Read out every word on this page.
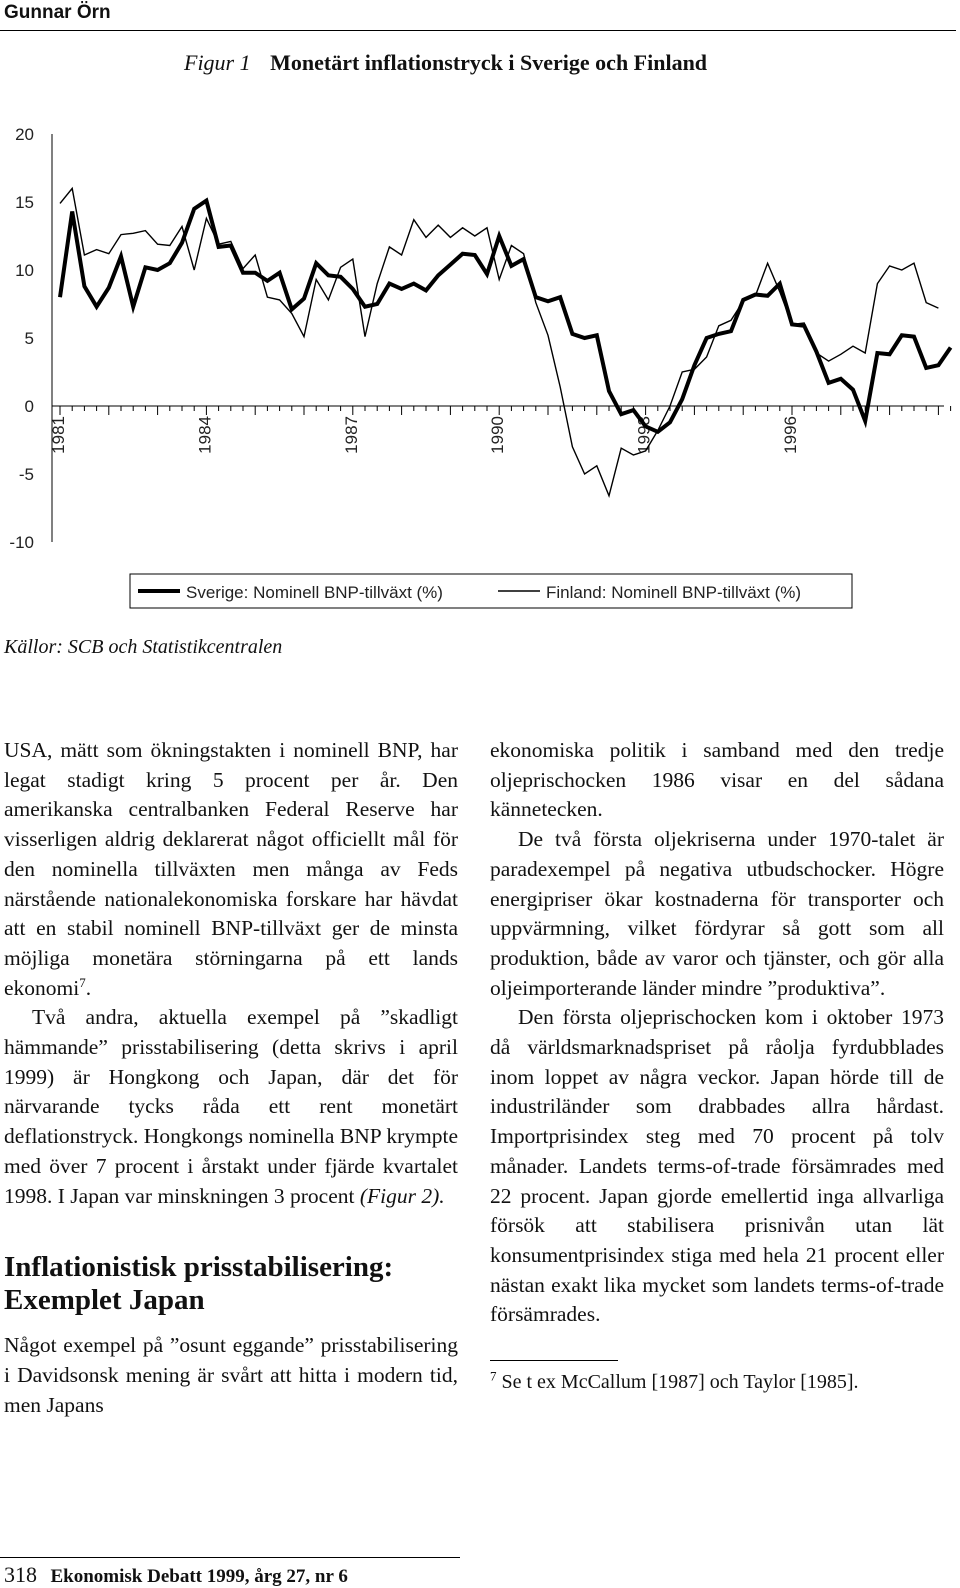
Gunnar Örn
Figur 1 Monetärt inflationstryck i Sverige och Finland
20
15
10
5
0
-5
-10
1981	1984	1987	1990	1993	1996
Sverige: Nominell BNP-tillväxt (%)	Finland: Nominell BNP-tillväxt (%)
Källor: SCB och Statistikcentralen

USA, mätt som ökningstakten i nominell BNP, har legat stadigt kring 5 procent per år. Den amerikanska centralbanken Federal Reserve har visserligen aldrig deklarerat något officiellt mål för den nominella tillväxten men många av Feds närstående nationalekonomiska forskare har hävdat att en stabil nominell BNP-tillväxt ger de minsta möjliga monetära störningarna på ett lands ekonomi$^7$.

Två andra, aktuella exempel på ”skadligt hämmande” prisstabilisering (detta skrivs i april 1999) är Hongkong och Japan, där det för närvarande tycks råda ett rent monetärt deflationstryck. Hongkongs nominella BNP krympte med över 7 procent i årstakt under fjärde kvartalet 1998. I Japan var minskningen 3 procent (Figur 2).

Inflationistisk prisstabilisering: Exemplet Japan

Något exempel på ”osunt eggande” prisstabilisering i Davidsonsk mening är svårt att hitta i modern tid, men Japans

ekonomiska politik i samband med den tredje oljeprischocken 1986 visar en del sådana kännetecken.

De två första oljekriserna under 1970-talet är paradexempel på negativa utbudschocker. Högre energipriser ökar kostnaderna för transporter och uppvärmning, vilket fördyrar så gott som all produktion, både av varor och tjänster, och gör alla oljeimporterande länder mindre ”produktiva”.

Den första oljeprischocken kom i oktober 1973 då världsmarknadspriset på råolja fyrdubblades inom loppet av några veckor. Japan hörde till de industriländer som drabbades allra hårdast. Importprisindex steg med 70 procent på tolv månader. Landets terms-of-trade försämrades med 22 procent. Japan gjorde emellertid inga allvarliga försök att stabilisera prisnivån utan lät konsumentprisindex stiga med hela 21 procent eller nästan exakt lika mycket som landets terms-of-trade försämrades.

$^7$ Se t ex McCallum [1987] och Taylor [1985].
318 Ekonomisk Debatt 1999, årg 27, nr 6
